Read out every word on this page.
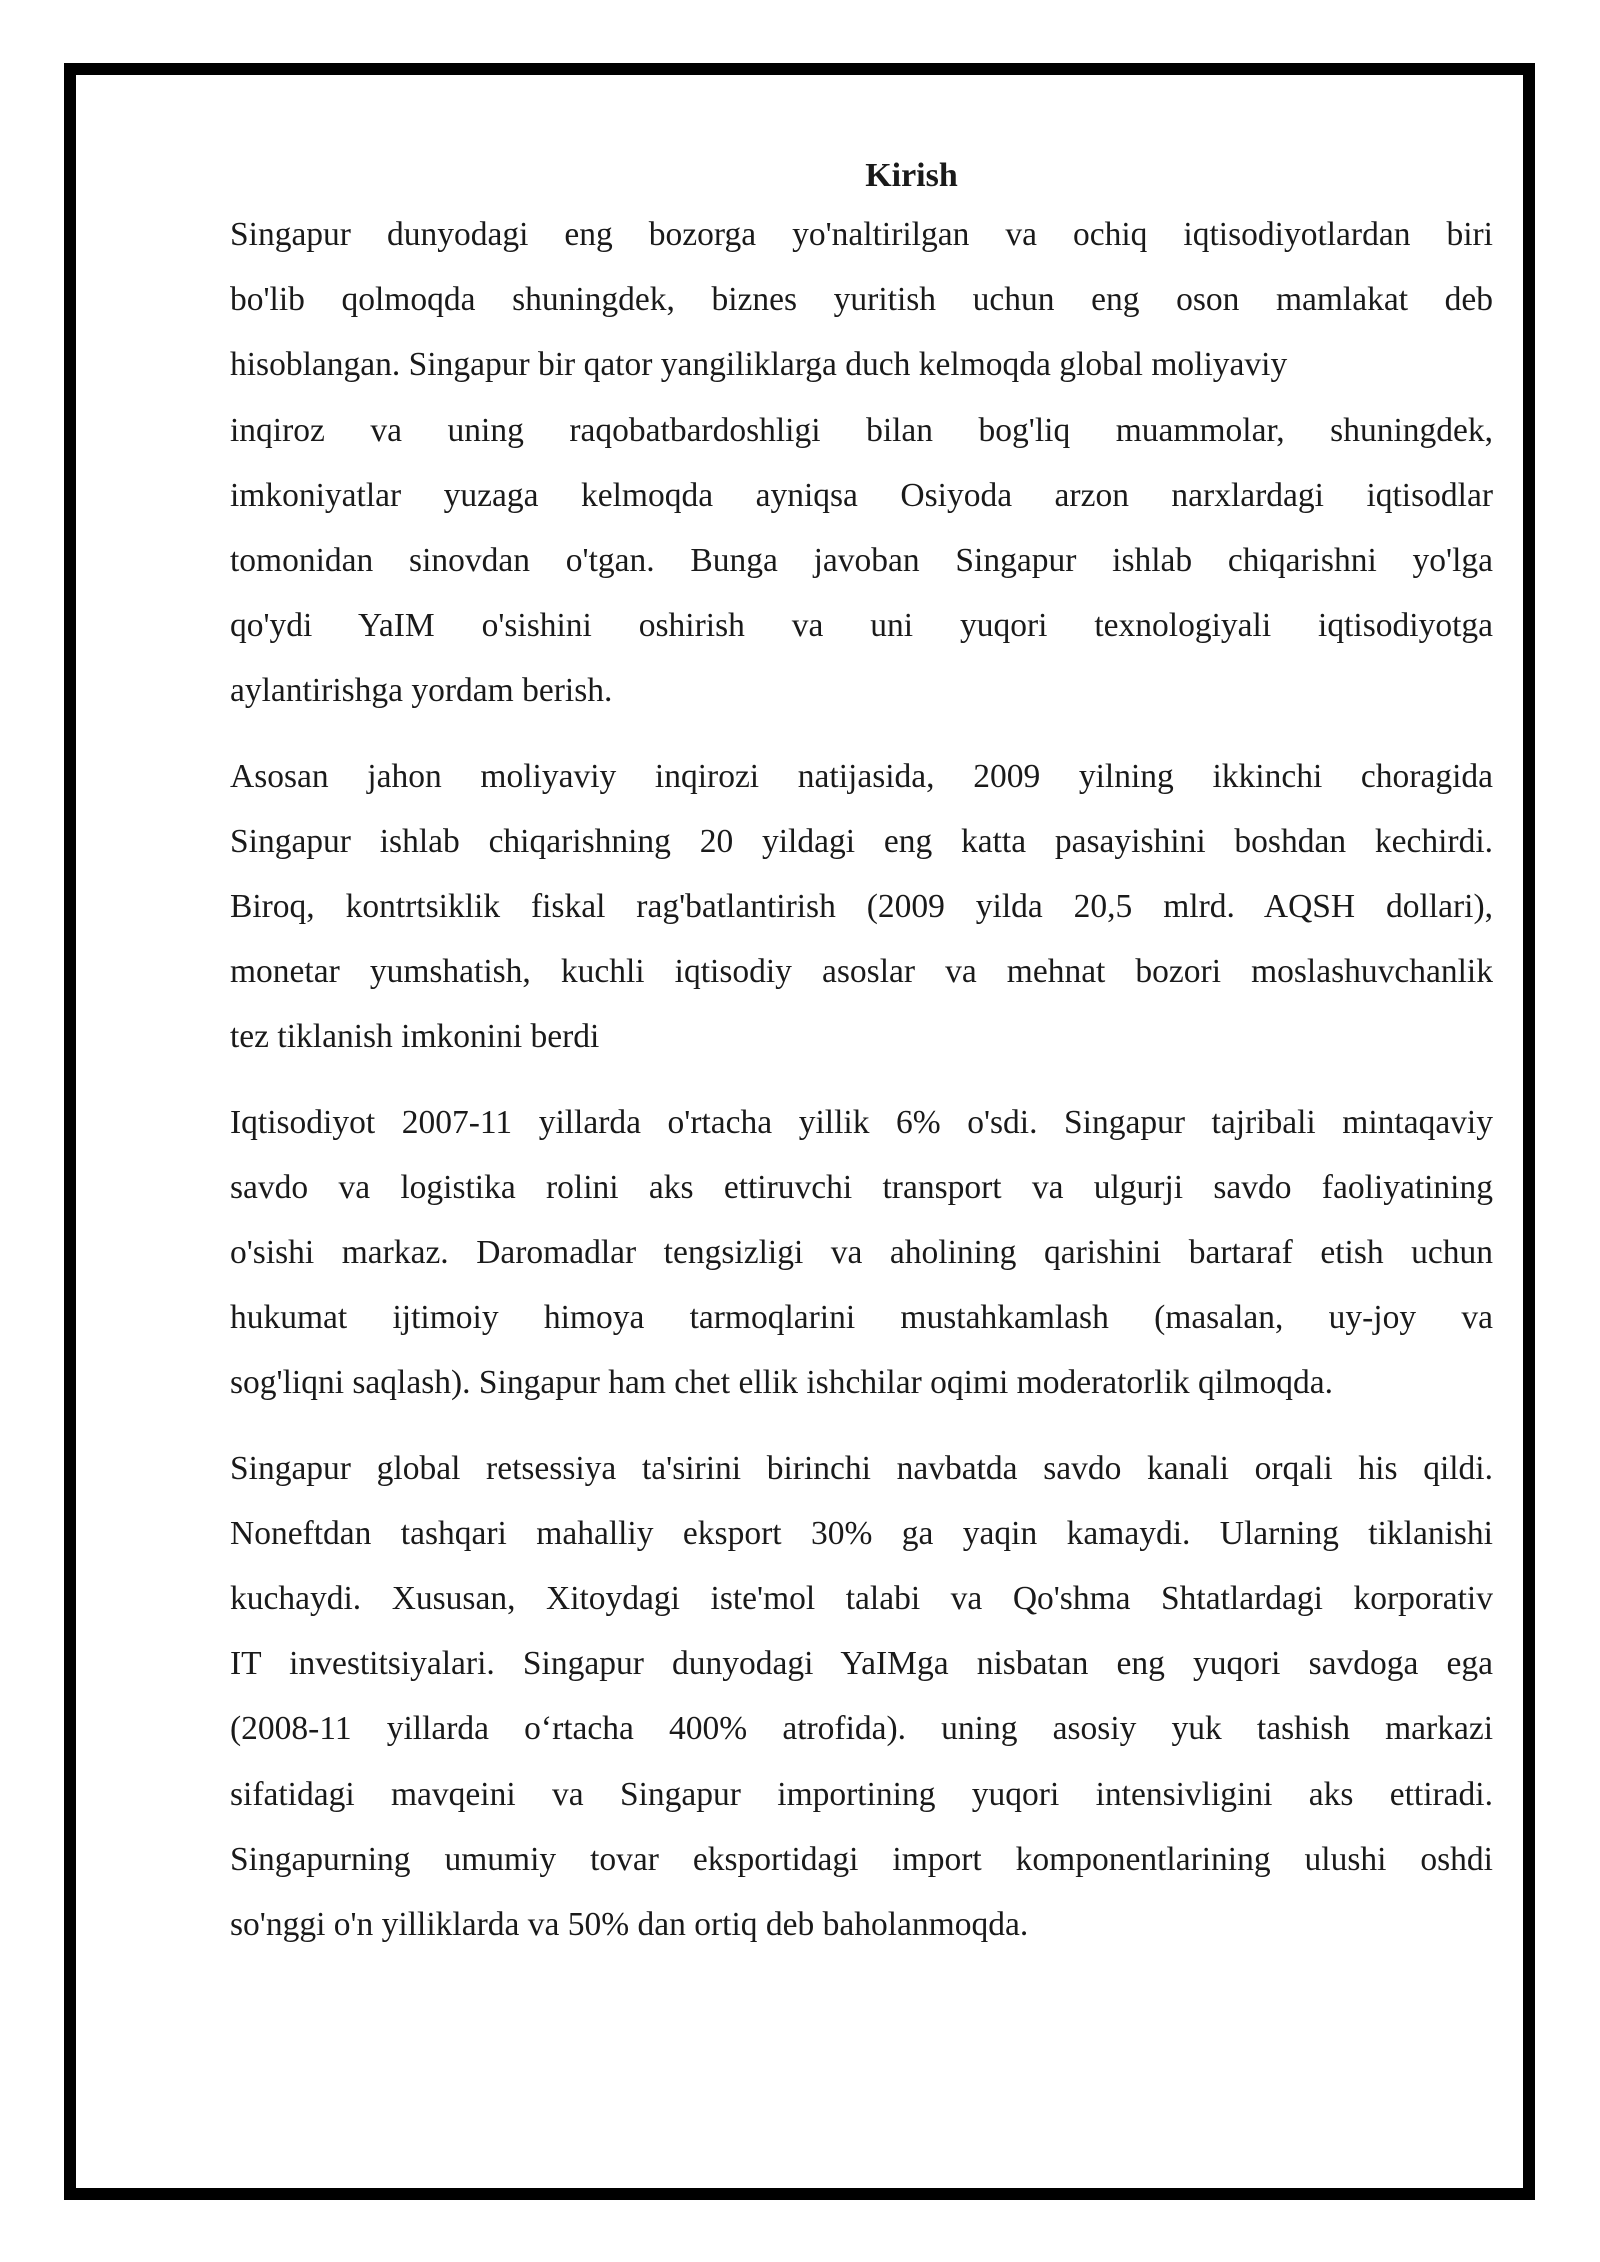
Kirish
Singapur dunyodagi eng bozorga yo'naltirilgan va ochiq iqtisodiyotlardan biri
bo'lib qolmoqda shuningdek, biznes yuritish uchun eng oson mamlakat deb
hisoblangan. Singapur bir qator yangiliklarga duch kelmoqda global moliyaviy
inqiroz va uning raqobatbardoshligi bilan bog'liq muammolar, shuningdek,
imkoniyatlar yuzaga kelmoqda ayniqsa Osiyoda arzon narxlardagi iqtisodlar
tomonidan sinovdan o'tgan. Bunga javoban Singapur ishlab chiqarishni yo'lga
qo'ydi YaIM o'sishini oshirish va uni yuqori texnologiyali iqtisodiyotga
aylantirishga yordam berish.
Asosan jahon moliyaviy inqirozi natijasida, 2009 yilning ikkinchi choragida
Singapur ishlab chiqarishning 20 yildagi eng katta pasayishini boshdan kechirdi.
Biroq, kontrtsiklik fiskal rag'batlantirish (2009 yilda 20,5 mlrd. AQSH dollari),
monetar yumshatish, kuchli iqtisodiy asoslar va mehnat bozori moslashuvchanlik
tez tiklanish imkonini berdi
Iqtisodiyot 2007-11 yillarda o'rtacha yillik 6% o'sdi. Singapur tajribali mintaqaviy
savdo va logistika rolini aks ettiruvchi transport va ulgurji savdo faoliyatining
o'sishi markaz. Daromadlar tengsizligi va aholining qarishini bartaraf etish uchun
hukumat ijtimoiy himoya tarmoqlarini mustahkamlash (masalan, uy-joy va
sog'liqni saqlash). Singapur ham chet ellik ishchilar oqimi moderatorlik qilmoqda.
Singapur global retsessiya ta'sirini birinchi navbatda savdo kanali orqali his qildi.
Noneftdan tashqari mahalliy eksport 30% ga yaqin kamaydi. Ularning tiklanishi
kuchaydi. Xususan, Xitoydagi iste'mol talabi va Qo'shma Shtatlardagi korporativ
IT investitsiyalari. Singapur dunyodagi YaIMga nisbatan eng yuqori savdoga ega
(2008-11 yillarda o‘rtacha 400% atrofida). uning asosiy yuk tashish markazi
sifatidagi mavqeini va Singapur importining yuqori intensivligini aks ettiradi.
Singapurning umumiy tovar eksportidagi import komponentlarining ulushi oshdi
so'nggi o'n yilliklarda va 50% dan ortiq deb baholanmoqda.
